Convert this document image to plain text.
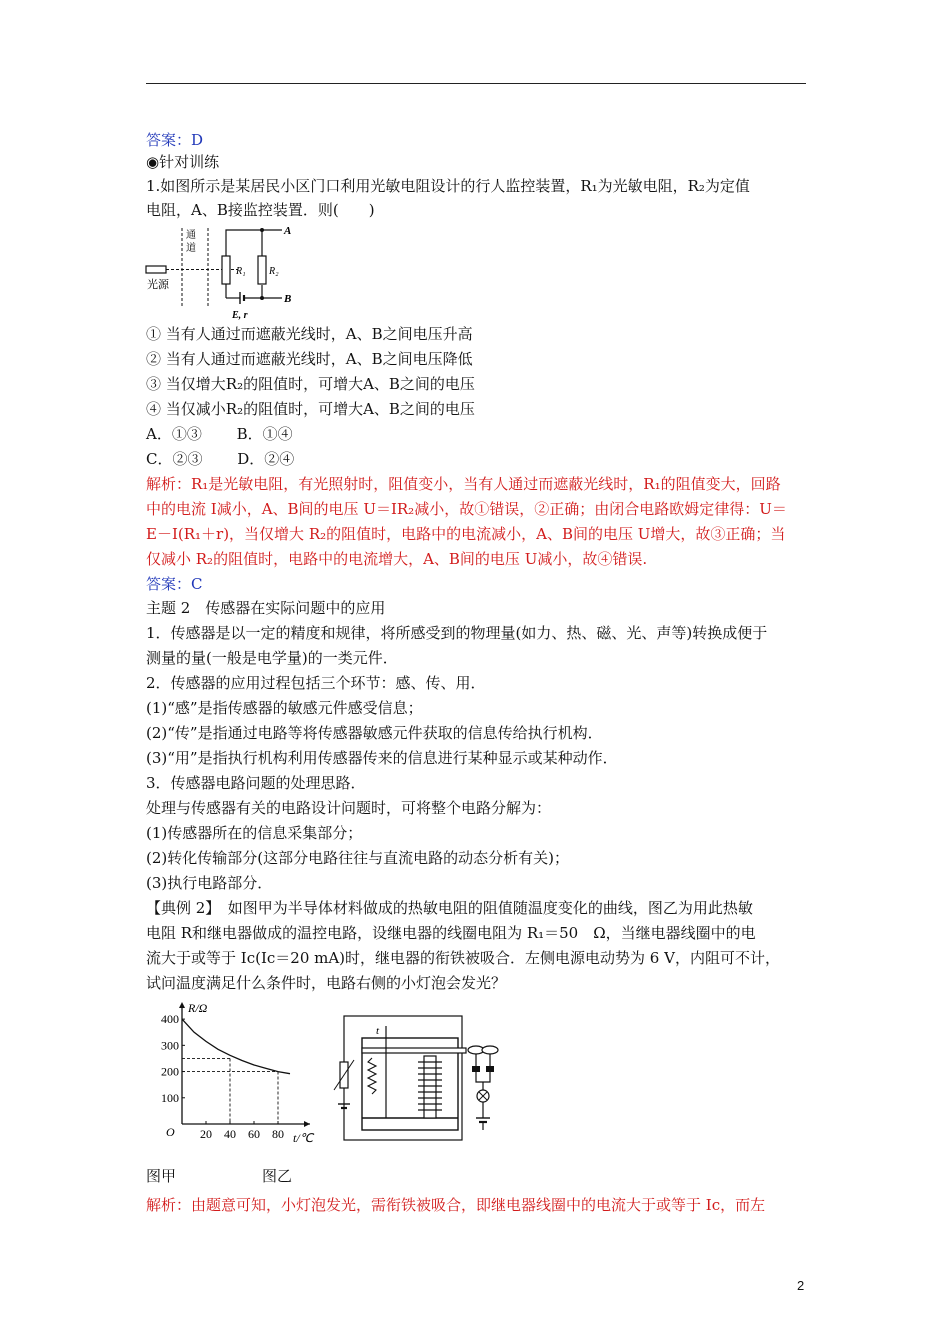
答案：D
◉针对训练
1.如图所示是某居民小区门口利用光敏电阻设计的行人监控装置，R₁为光敏电阻，R₂为定值
电阻，A、B接监控装置．则(　　)
光源
通
道
R₁ R₂
A
B
E, r
① 当有人通过而遮蔽光线时，A、B之间电压升高
② 当有人通过而遮蔽光线时，A、B之间电压降低
③ 当仅增大R₂的阻值时，可增大A、B之间的电压
④ 当仅减小R₂的阻值时，可增大A、B之间的电压
A．①③　　 B．①④
C．②③　　 D．②④
解析：R₁是光敏电阻，有光照射时，阻值变小，当有人通过而遮蔽光线时，R₁的阻值变大，回路
中的电流 I减小，A、B间的电压 U＝IR₂减小，故①错误，②正确；由闭合电路欧姆定律得：U＝
E－I(R₁＋r)，当仅增大 R₂的阻值时，电路中的电流减小，A、B间的电压 U增大，故③正确；当
仅减小 R₂的阻值时，电路中的电流增大，A、B间的电压 U减小，故④错误.
答案：C
主题 2　传感器在实际问题中的应用
1．传感器是以一定的精度和规律，将所感受到的物理量(如力、热、磁、光、声等)转换成便于
测量的量(一般是电学量)的一类元件．
2．传感器的应用过程包括三个环节：感、传、用．
(1)“感”是指传感器的敏感元件感受信息；
(2)“传”是指通过电路等将传感器敏感元件获取的信息传给执行机构．
(3)“用”是指执行机构利用传感器传来的信息进行某种显示或某种动作．
3．传感器电路问题的处理思路．
处理与传感器有关的电路设计问题时，可将整个电路分解为：
(1)传感器所在的信息采集部分；
(2)转化传输部分(这部分电路往往与直流电路的动态分析有关)；
(3)执行电路部分．
【典例 2】　如图甲为半导体材料做成的热敏电阻的阻值随温度变化的曲线，图乙为用此热敏
电阻 R和继电器做成的温控电路，设继电器的线圈电阻为 R₁＝50　Ω，当继电器线圈中的电
流大于或等于 Ic(Ic＝20 mA)时，继电器的衔铁被吸合．左侧电源电动势为 6 V，内阻可不计，
试问温度满足什么条件时，电路右侧的小灯泡会发光？
R/Ω
t/℃
O
100
200
300
400
20 40 60 80
t
图甲	图乙
解析：由题意可知，小灯泡发光，需衔铁被吸合，即继电器线圈中的电流大于或等于 Ic，而左
2
